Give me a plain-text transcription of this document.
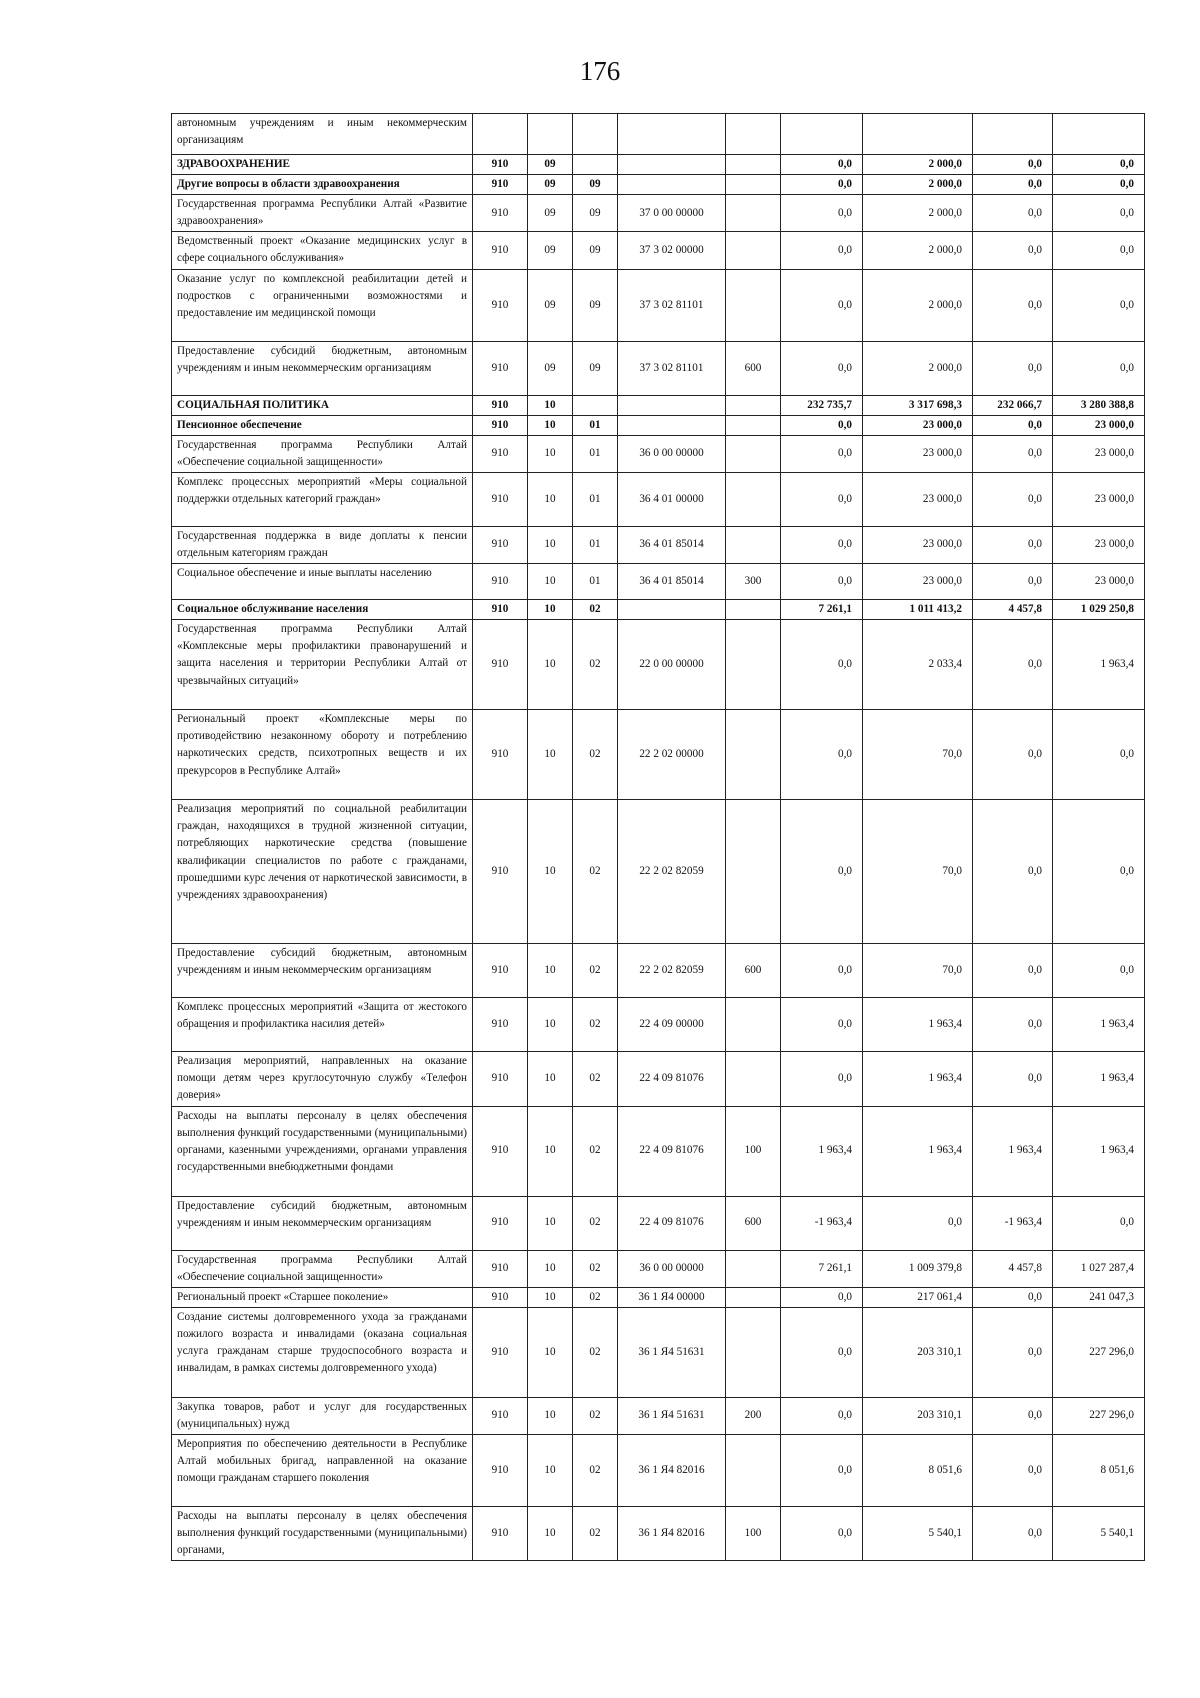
176
автономным учреждениям и иным некоммерческим организациям									
ЗДРАВООХРАНЕНИЕ	910	09				0,0	2 000,0	0,0	0,0
Другие вопросы в области здравоохранения	910	09	09			0,0	2 000,0	0,0	0,0
Государственная программа Республики Алтай «Развитие здравоохранения»	910	09	09	37 0 00 00000		0,0	2 000,0	0,0	0,0
Ведомственный проект «Оказание медицинских услуг в сфере социального обслуживания»	910	09	09	37 3 02 00000		0,0	2 000,0	0,0	0,0
Оказание услуг по комплексной реабилитации детей и подростков с ограниченными возможностями и предоставление им медицинской помощи	910	09	09	37 3 02 81101		0,0	2 000,0	0,0	0,0
Предоставление субсидий бюджетным, автономным учреждениям и иным некоммерческим организациям	910	09	09	37 3 02 81101	600	0,0	2 000,0	0,0	0,0
СОЦИАЛЬНАЯ ПОЛИТИКА	910	10				232 735,7	3 317 698,3	232 066,7	3 280 388,8
Пенсионное обеспечение	910	10	01			0,0	23 000,0	0,0	23 000,0
Государственная программа Республики Алтай «Обеспечение социальной защищенности»	910	10	01	36 0 00 00000		0,0	23 000,0	0,0	23 000,0
Комплекс процессных мероприятий «Меры социальной поддержки отдельных категорий граждан»	910	10	01	36 4 01 00000		0,0	23 000,0	0,0	23 000,0
Государственная поддержка в виде доплаты к пенсии отдельным категориям граждан	910	10	01	36 4 01 85014		0,0	23 000,0	0,0	23 000,0
Социальное обеспечение и иные выплаты населению	910	10	01	36 4 01 85014	300	0,0	23 000,0	0,0	23 000,0
Социальное обслуживание населения	910	10	02			7 261,1	1 011 413,2	4 457,8	1 029 250,8
Государственная программа Республики Алтай «Комплексные меры профилактики правонарушений и защита населения и территории Республики Алтай от чрезвычайных ситуаций»	910	10	02	22 0 00 00000		0,0	2 033,4	0,0	1 963,4
Региональный проект «Комплексные меры по противодействию незаконному обороту и потреблению наркотических средств, психотропных веществ и их прекурсоров в Республике Алтай»	910	10	02	22 2 02 00000		0,0	70,0	0,0	0,0
Реализация мероприятий по социальной реабилитации граждан, находящихся в трудной жизненной ситуации, потребляющих наркотические средства (повышение квалификации специалистов по работе с гражданами, прошедшими курс лечения от наркотической зависимости, в учреждениях здравоохранения)	910	10	02	22 2 02 82059		0,0	70,0	0,0	0,0
Предоставление субсидий бюджетным, автономным учреждениям и иным некоммерческим организациям	910	10	02	22 2 02 82059	600	0,0	70,0	0,0	0,0
Комплекс процессных мероприятий «Защита от жестокого обращения и профилактика насилия детей»	910	10	02	22 4 09 00000		0,0	1 963,4	0,0	1 963,4
Реализация мероприятий, направленных на оказание помощи детям через круглосуточную службу «Телефон доверия»	910	10	02	22 4 09 81076		0,0	1 963,4	0,0	1 963,4
Расходы на выплаты персоналу в целях обеспечения выполнения функций государственными (муниципальными) органами, казенными учреждениями, органами управления государственными внебюджетными фондами	910	10	02	22 4 09 81076	100	1 963,4	1 963,4	1 963,4	1 963,4
Предоставление субсидий бюджетным, автономным учреждениям и иным некоммерческим организациям	910	10	02	22 4 09 81076	600	-1 963,4	0,0	-1 963,4	0,0
Государственная программа Республики Алтай «Обеспечение социальной защищенности»	910	10	02	36 0 00 00000		7 261,1	1 009 379,8	4 457,8	1 027 287,4
Региональный проект «Старшее поколение»	910	10	02	36 1 Я4 00000		0,0	217 061,4	0,0	241 047,3
Создание системы долговременного ухода за гражданами пожилого возраста и инвалидами (оказана социальная услуга гражданам старше трудоспособного возраста и инвалидам, в рамках системы долговременного ухода)	910	10	02	36 1 Я4 51631		0,0	203 310,1	0,0	227 296,0
Закупка товаров, работ и услуг для государственных (муниципальных) нужд	910	10	02	36 1 Я4 51631	200	0,0	203 310,1	0,0	227 296,0
Мероприятия по обеспечению деятельности в Республике Алтай мобильных бригад, направленной на оказание помощи гражданам старшего поколения	910	10	02	36 1 Я4 82016		0,0	8 051,6	0,0	8 051,6
Расходы на выплаты персоналу в целях обеспечения выполнения функций государственными (муниципальными) органами,	910	10	02	36 1 Я4 82016	100	0,0	5 540,1	0,0	5 540,1
